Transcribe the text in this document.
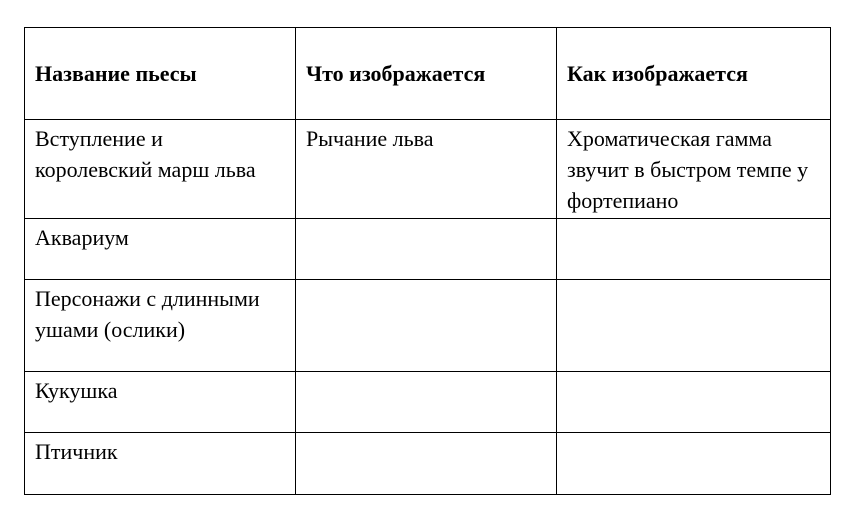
Название пьесы	Что изображается	Как изображается
Вступление и королевский марш льва	Рычание льва	Хроматическая гамма звучит в быстром темпе у фортепиано
Аквариум		
Персонажи с длинными ушами (ослики)		
Кукушка		
Птичник		
